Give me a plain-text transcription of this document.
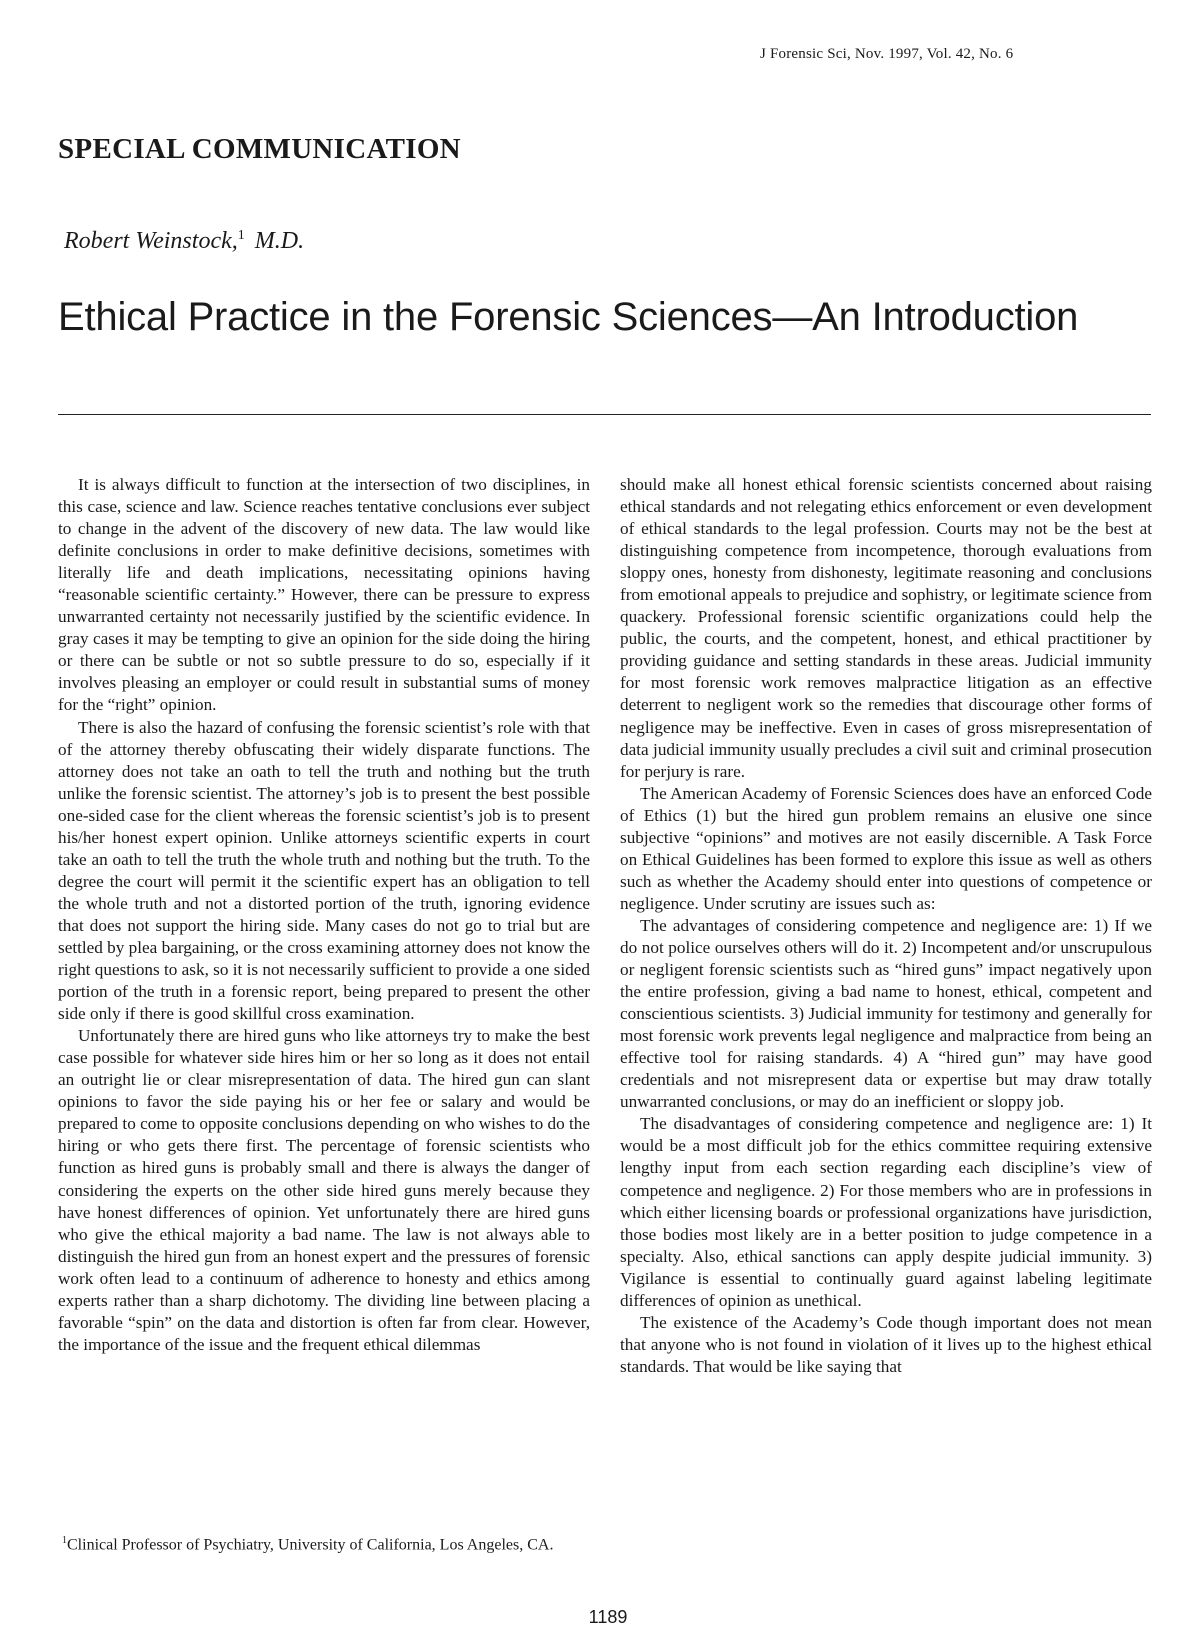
J Forensic Sci, Nov. 1997, Vol. 42, No. 6
SPECIAL COMMUNICATION
Robert Weinstock,$^1$ M.D.
Ethical Practice in the Forensic Sciences—An Introduction

It is always difficult to function at the intersection of two disciplines, in this case, science and law. Science reaches tentative conclusions ever subject to change in the advent of the discovery of new data. The law would like definite conclusions in order to make definitive decisions, sometimes with literally life and death implications, necessitating opinions having “reasonable scientific certainty.” However, there can be pressure to express unwarranted certainty not necessarily justified by the scientific evidence. In gray cases it may be tempting to give an opinion for the side doing the hiring or there can be subtle or not so subtle pressure to do so, especially if it involves pleasing an employer or could result in substantial sums of money for the “right” opinion.

There is also the hazard of confusing the forensic scientist’s role with that of the attorney thereby obfuscating their widely disparate functions. The attorney does not take an oath to tell the truth and nothing but the truth unlike the forensic scientist. The attorney’s job is to present the best possible one-sided case for the client whereas the forensic scientist’s job is to present his/her honest expert opinion. Unlike attorneys scientific experts in court take an oath to tell the truth the whole truth and nothing but the truth. To the degree the court will permit it the scientific expert has an obligation to tell the whole truth and not a distorted portion of the truth, ignoring evidence that does not support the hiring side. Many cases do not go to trial but are settled by plea bargaining, or the cross examining attorney does not know the right questions to ask, so it is not necessarily sufficient to provide a one sided portion of the truth in a forensic report, being prepared to present the other side only if there is good skillful cross examination.

Unfortunately there are hired guns who like attorneys try to make the best case possible for whatever side hires him or her so long as it does not entail an outright lie or clear misrepresentation of data. The hired gun can slant opinions to favor the side paying his or her fee or salary and would be prepared to come to opposite conclusions depending on who wishes to do the hiring or who gets there first. The percentage of forensic scientists who function as hired guns is probably small and there is always the danger of considering the experts on the other side hired guns merely because they have honest differences of opinion. Yet unfortunately there are hired guns who give the ethical majority a bad name. The law is not always able to distinguish the hired gun from an honest expert and the pressures of forensic work often lead to a continuum of adherence to honesty and ethics among experts rather than a sharp dichotomy. The dividing line between placing a favorable “spin” on the data and distortion is often far from clear. However, the importance of the issue and the frequent ethical dilemmas

should make all honest ethical forensic scientists concerned about raising ethical standards and not relegating ethics enforcement or even development of ethical standards to the legal profession. Courts may not be the best at distinguishing competence from incompetence, thorough evaluations from sloppy ones, honesty from dishonesty, legitimate reasoning and conclusions from emotional appeals to prejudice and sophistry, or legitimate science from quackery. Professional forensic scientific organizations could help the public, the courts, and the competent, honest, and ethical practitioner by providing guidance and setting standards in these areas. Judicial immunity for most forensic work removes malpractice litigation as an effective deterrent to negligent work so the remedies that discourage other forms of negligence may be ineffective. Even in cases of gross misrepresentation of data judicial immunity usually precludes a civil suit and criminal prosecution for perjury is rare.

The American Academy of Forensic Sciences does have an enforced Code of Ethics (1) but the hired gun problem remains an elusive one since subjective “opinions” and motives are not easily discernible. A Task Force on Ethical Guidelines has been formed to explore this issue as well as others such as whether the Academy should enter into questions of competence or negligence. Under scrutiny are issues such as:

The advantages of considering competence and negligence are: 1) If we do not police ourselves others will do it. 2) Incompetent and/or unscrupulous or negligent forensic scientists such as “hired guns” impact negatively upon the entire profession, giving a bad name to honest, ethical, competent and conscientious scientists. 3) Judicial immunity for testimony and generally for most forensic work prevents legal negligence and malpractice from being an effective tool for raising standards. 4) A “hired gun” may have good credentials and not misrepresent data or expertise but may draw totally unwarranted conclusions, or may do an inefficient or sloppy job.

The disadvantages of considering competence and negligence are: 1) It would be a most difficult job for the ethics committee requiring extensive lengthy input from each section regarding each discipline’s view of competence and negligence. 2) For those members who are in professions in which either licensing boards or professional organizations have jurisdiction, those bodies most likely are in a better position to judge competence in a specialty. Also, ethical sanctions can apply despite judicial immunity. 3) Vigilance is essential to continually guard against labeling legitimate differences of opinion as unethical.

The existence of the Academy’s Code though important does not mean that anyone who is not found in violation of it lives up to the highest ethical standards. That would be like saying that

$^1$Clinical Professor of Psychiatry, University of California, Los Angeles, CA.
1189
